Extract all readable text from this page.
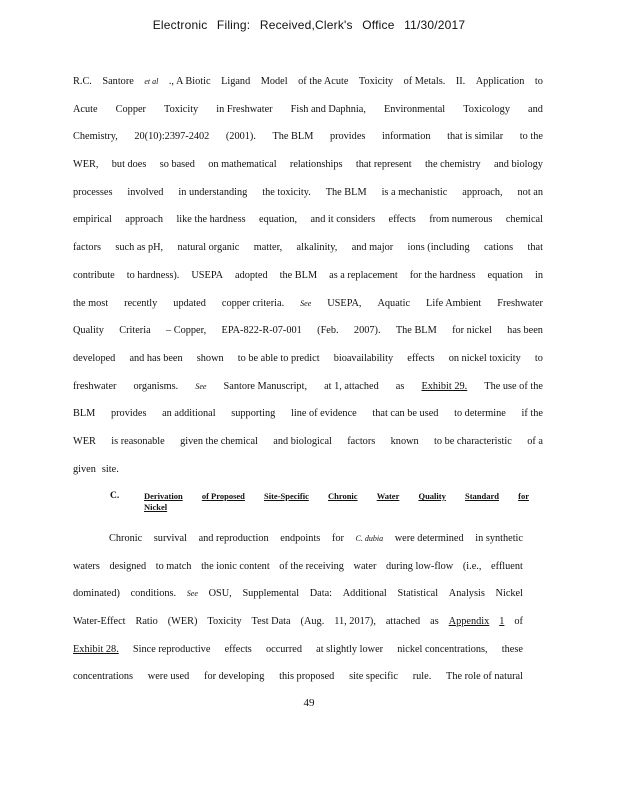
Electronic Filing: Received,Clerk's Office 11/30/2017
R.C. Santore et al ., A Biotic Ligand Model of the Acute Toxicity of Metals. II. Application to
Acute Copper Toxicity in Freshwater Fish and Daphnia, Environmental Toxicology and
Chemistry, 20(10):2397-2402 (2001). The BLM provides information that is similar to the
WER, but does so based on mathematical relationships that represent the chemistry and biology
processes involved in understanding the toxicity. The BLM is a mechanistic approach, not an
empirical approach like the hardness equation, and it considers effects from numerous chemical
factors such as pH, natural organic matter, alkalinity, and major ions (including cations that
contribute to hardness). USEPA adopted the BLM as a replacement for the hardness equation in
the most recently updated copper criteria. See USEPA, Aquatic Life Ambient Freshwater
Quality Criteria – Copper, EPA-822-R-07-001 (Feb. 2007). The BLM for nickel has been
developed and has been shown to be able to predict bioavailability effects on nickel toxicity to
freshwater organisms. See Santore Manuscript, at 1, attached as Exhibit 29. The use of the
BLM provides an additional supporting line of evidence that can be used to determine if the
WER is reasonable given the chemical and biological factors known to be characteristic of a
given site.
C.	Derivation of Proposed Site-Specific Chronic Water Quality Standard for
Nickel
Chronic survival and reproduction endpoints for C. dubia were determined in synthetic
waters designed to match the ionic content of the receiving water during low-flow (i.e., effluent
dominated) conditions. See OSU, Supplemental Data: Additional Statistical Analysis Nickel
Water-Effect Ratio (WER) Toxicity Test Data (Aug. 11, 2017), attached as Appendix 1 of
Exhibit 28. Since reproductive effects occurred at slightly lower nickel concentrations, these
concentrations were used for developing this proposed site specific rule. The role of natural
49
